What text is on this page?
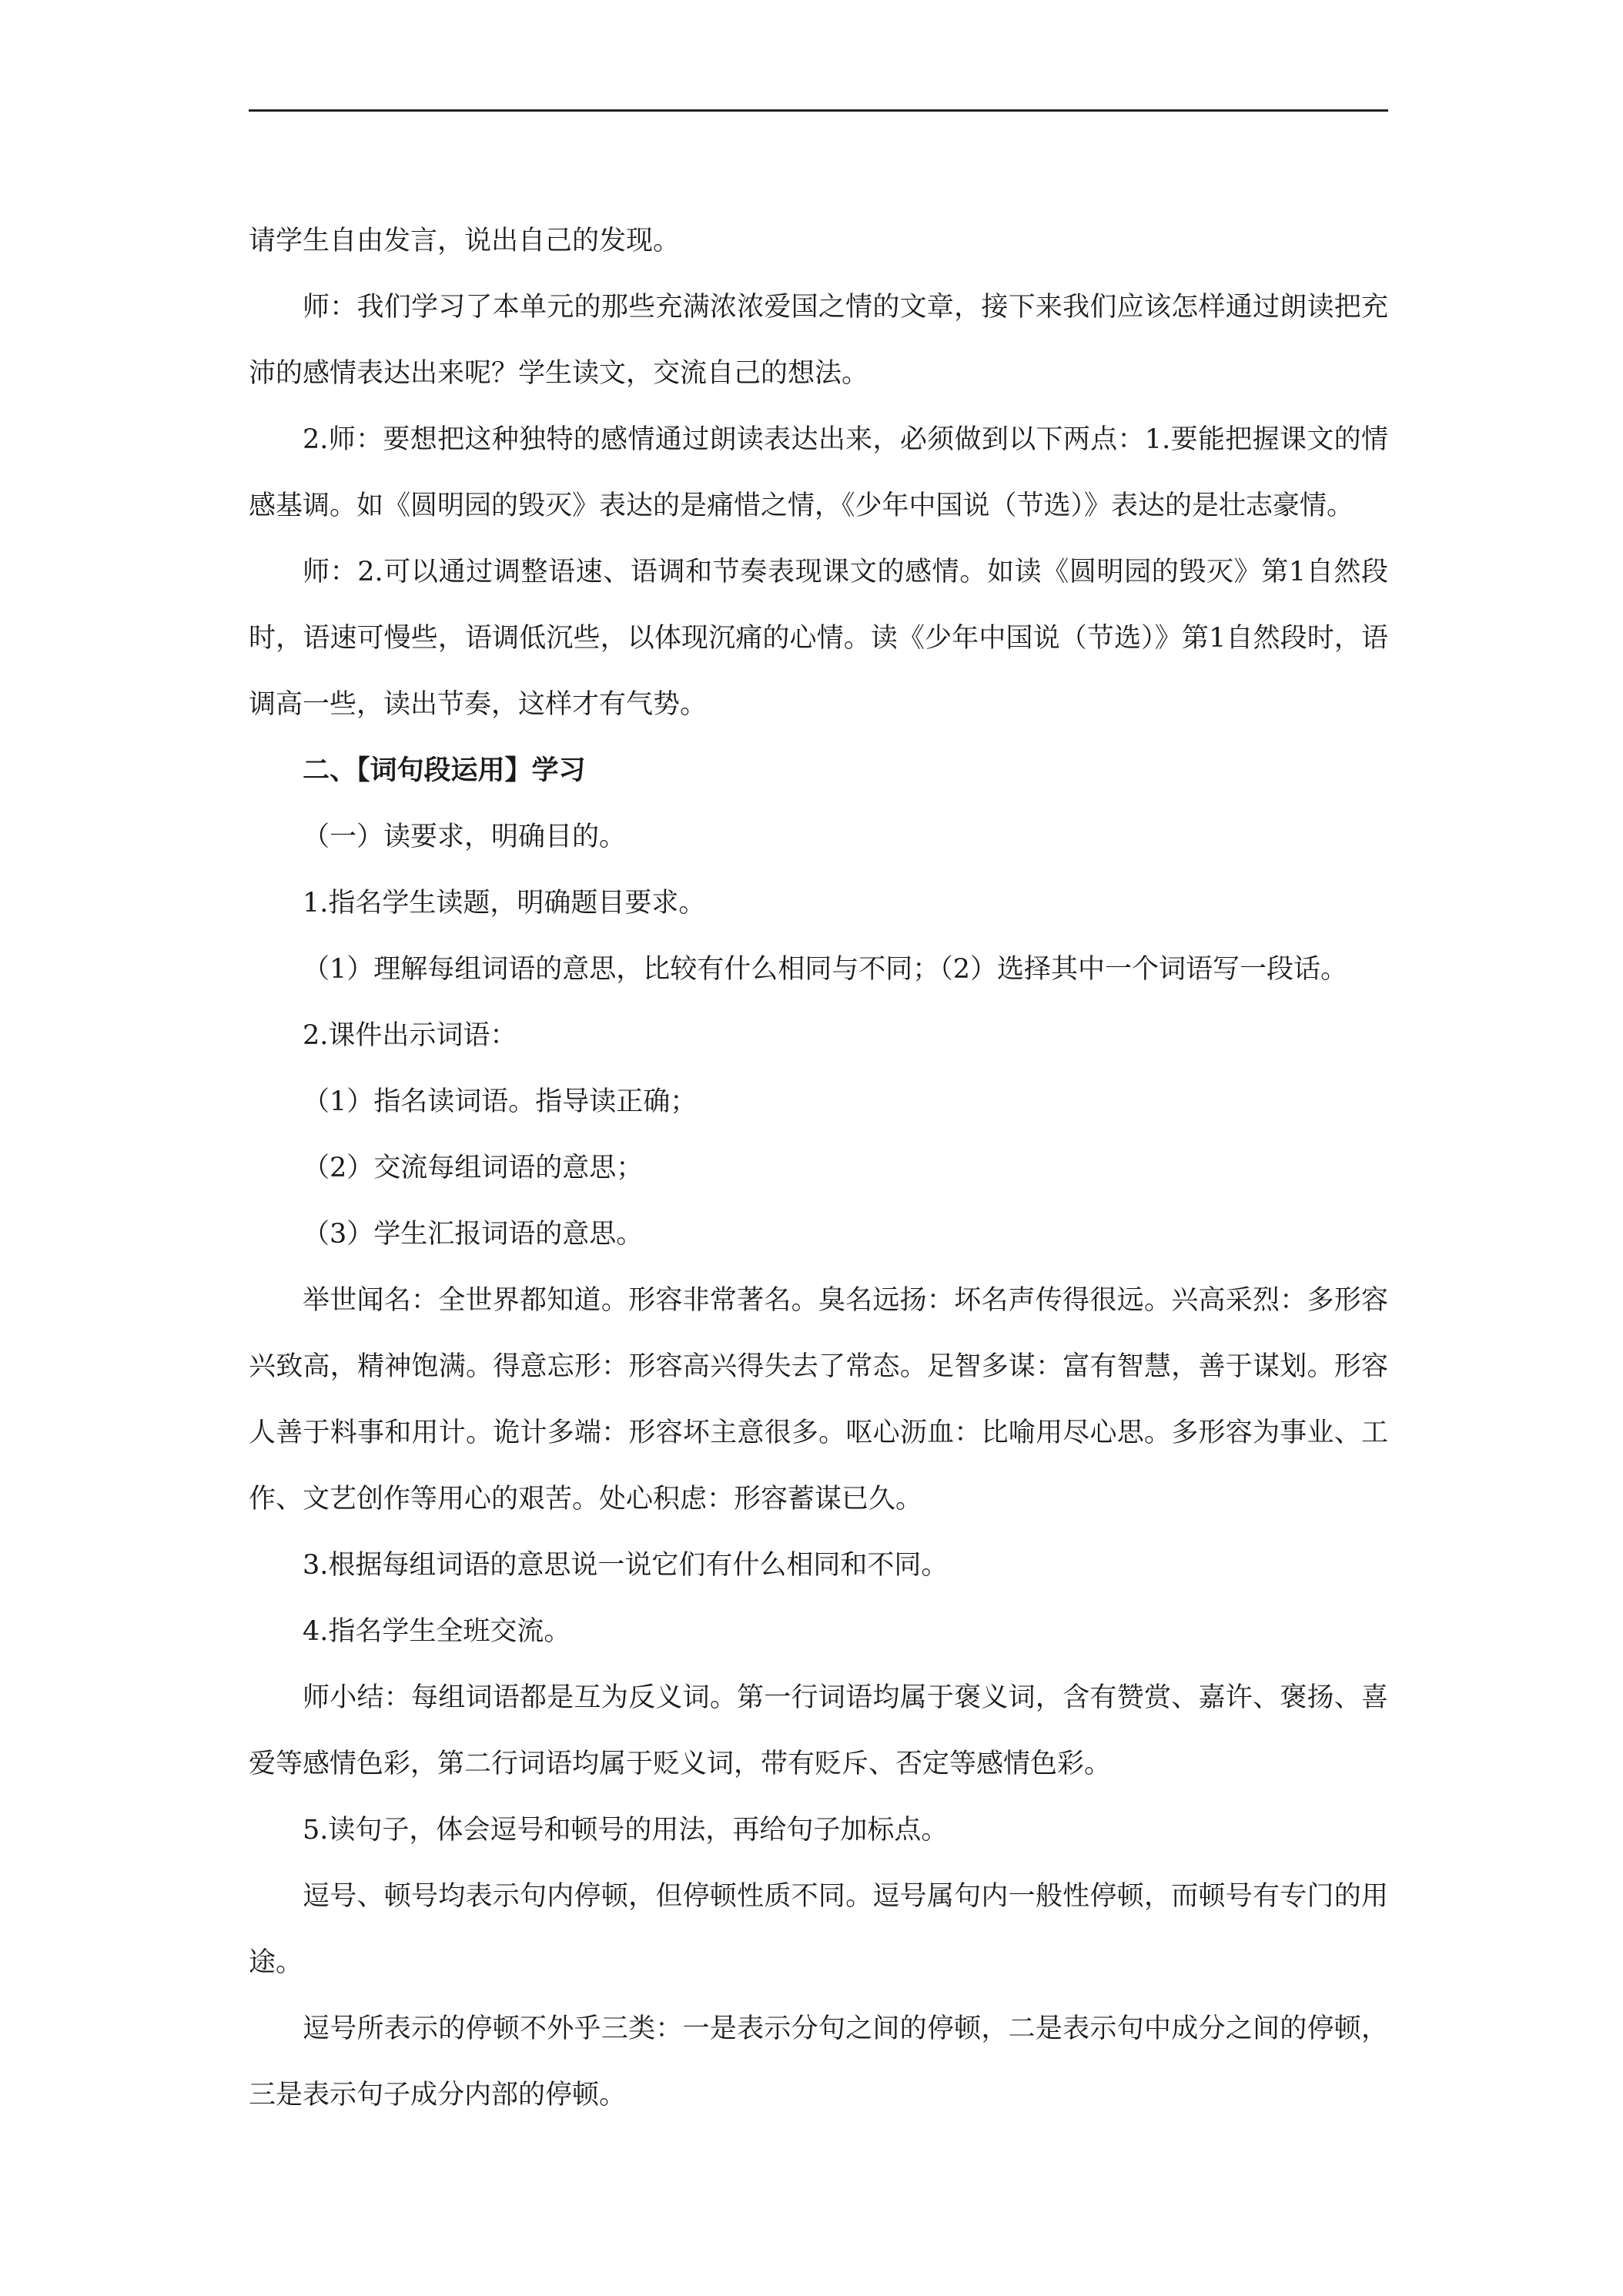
请学生自由发言，说出自己的发现。

师：我们学习了本单元的那些充满浓浓爱国之情的文章，接下来我们应该怎样通过朗读把充沛的感情表达出来呢？学生读文，交流自己的想法。

2.师：要想把这种独特的感情通过朗读表达出来，必须做到以下两点：1.要能把握课文的情感基调。如《圆明园的毁灭》表达的是痛惜之情，《少年中国说（节选）》表达的是壮志豪情。

师：2.可以通过调整语速、语调和节奏表现课文的感情。如读《圆明园的毁灭》第1自然段时，语速可慢些，语调低沉些，以体现沉痛的心情。读《少年中国说（节选）》第1自然段时，语调高一些，读出节奏，这样才有气势。

二、【词句段运用】学习

（一）读要求，明确目的。

1.指名学生读题，明确题目要求。

（1）理解每组词语的意思，比较有什么相同与不同；（2）选择其中一个词语写一段话。

2.课件出示词语：

（1）指名读词语。指导读正确；

（2）交流每组词语的意思；

（3）学生汇报词语的意思。

举世闻名：全世界都知道。形容非常著名。臭名远扬：坏名声传得很远。兴高采烈：多形容兴致高，精神饱满。得意忘形：形容高兴得失去了常态。足智多谋：富有智慧，善于谋划。形容人善于料事和用计。诡计多端：形容坏主意很多。呕心沥血：比喻用尽心思。多形容为事业、工作、文艺创作等用心的艰苦。处心积虑：形容蓄谋已久。

3.根据每组词语的意思说一说它们有什么相同和不同。

4.指名学生全班交流。

师小结：每组词语都是互为反义词。第一行词语均属于褒义词，含有赞赏、嘉许、褒扬、喜爱等感情色彩，第二行词语均属于贬义词，带有贬斥、否定等感情色彩。

5.读句子，体会逗号和顿号的用法，再给句子加标点。

逗号、顿号均表示句内停顿，但停顿性质不同。逗号属句内一般性停顿，而顿号有专门的用途。

逗号所表示的停顿不外乎三类：一是表示分句之间的停顿，二是表示句中成分之间的停顿，三是表示句子成分内部的停顿。
